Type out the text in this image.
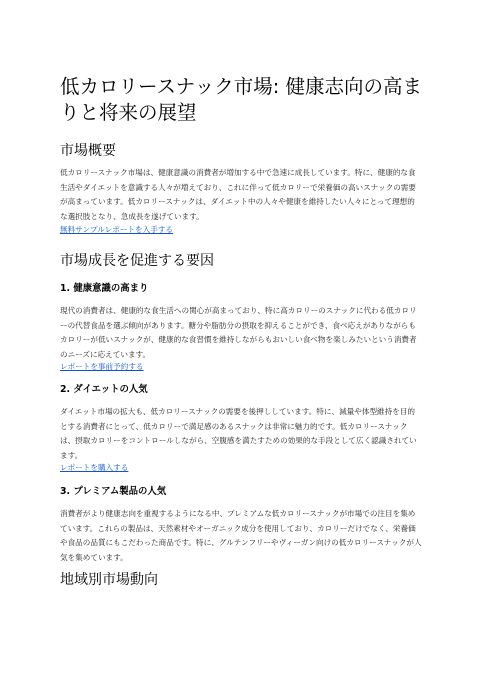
低カロリースナック市場: 健康志向の高まりと将来の展望
市場概要

低カロリースナック市場は、健康意識の消費者が増加する中で急速に成長しています。特に、健康的な食生活やダイエットを意識する人々が増えており、これに伴って低カロリーで栄養価の高いスナックの需要が高まっています。低カロリースナックは、ダイエット中の人々や健康を維持したい人々にとって理想的な選択肢となり、急成長を遂げています。

無料サンプルレポートを入手する
市場成長を促進する要因
1. 健康意識の高まり

現代の消費者は、健康的な食生活への関心が高まっており、特に高カロリーのスナックに代わる低カロリーの代替食品を選ぶ傾向があります。糖分や脂肪分の摂取を抑えることができ、食べ応えがありながらもカロリーが低いスナックが、健康的な食習慣を維持しながらもおいしい食べ物を楽しみたいという消費者のニーズに応えています。

レポートを事前予約する
2. ダイエットの人気

ダイエット市場の拡大も、低カロリースナックの需要を後押ししています。特に、減量や体型維持を目的とする消費者にとって、低カロリーで満足感のあるスナックは非常に魅力的です。低カロリースナックは、摂取カロリーをコントロールしながら、空腹感を満たすための効果的な手段として広く認識されています。

レポートを購入する
3. プレミアム製品の人気

消費者がより健康志向を重視するようになる中、プレミアムな低カロリースナックが市場での注目を集めています。これらの製品は、天然素材やオーガニック成分を使用しており、カロリーだけでなく、栄養価や食品の品質にもこだわった商品です。特に、グルテンフリーやヴィーガン向けの低カロリースナックが人気を集めています。

地域別市場動向
